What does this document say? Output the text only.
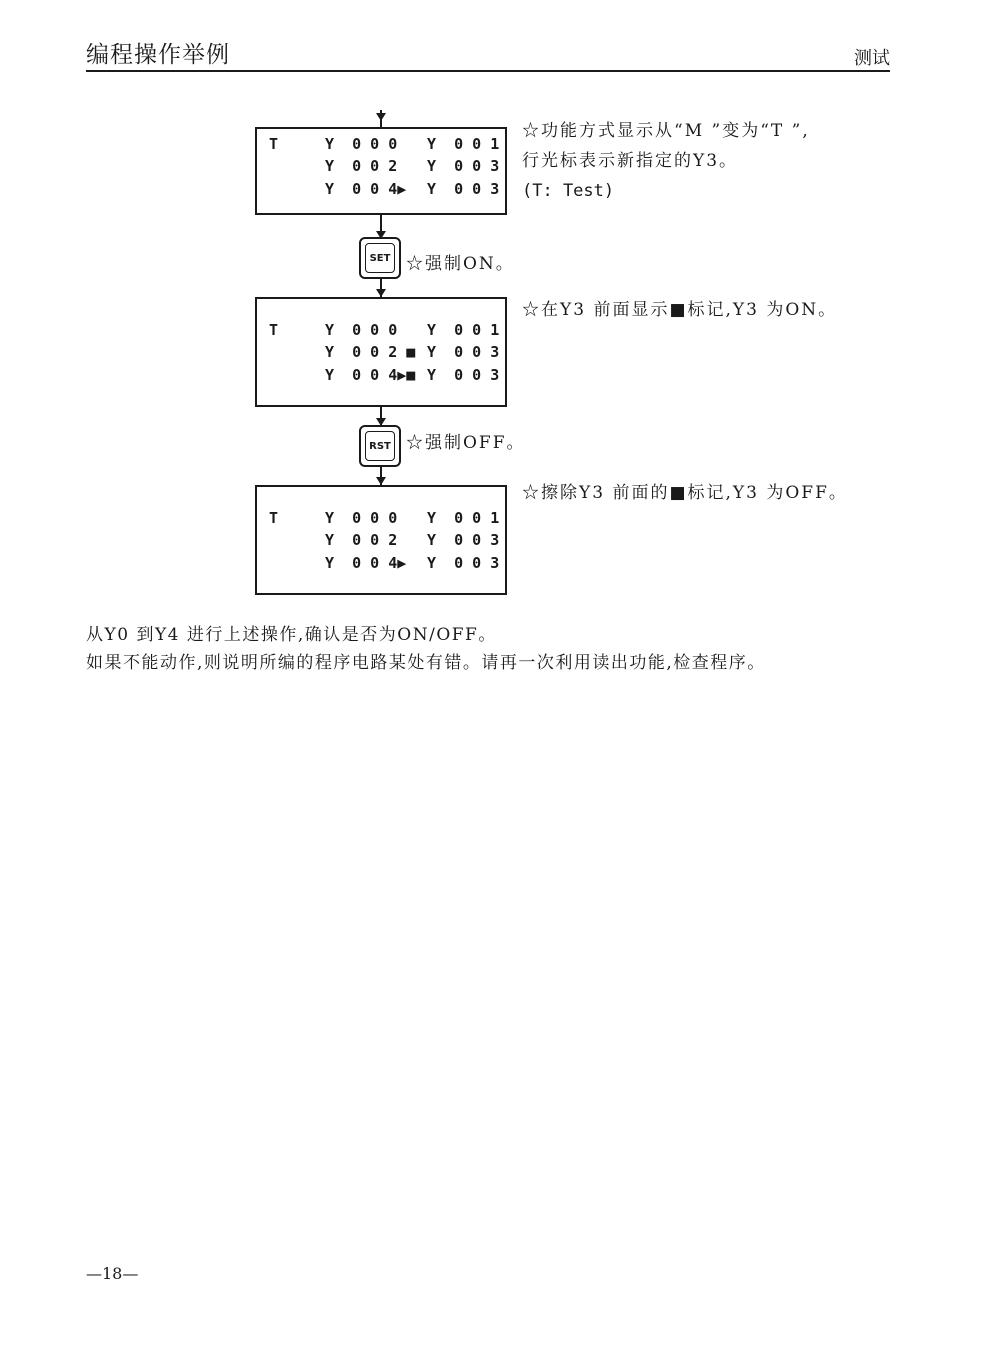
编程操作举例	测试
T	Y  0 0 0 Y  0 0 1
Y  0 0 2 Y  0 0 3
Y  0 0 4▶ Y  0 0 3
☆功能方式显示从“M ”变为“T ”,
行光标表示新指定的Y3。
(T: Test)
SET ☆强制ON。
T	Y  0 0 0 Y  0 0 1
Y  0 0 2 ■ Y  0 0 3
Y  0 0 4▶■ Y  0 0 3
☆在Y3 前面显示■标记,Y3 为ON。
RST ☆强制OFF。
T	Y  0 0 0 Y  0 0 1
Y  0 0 2 Y  0 0 3
Y  0 0 4▶ Y  0 0 3
☆擦除Y3 前面的■标记,Y3 为OFF。
从Y0 到Y4 进行上述操作,确认是否为ON/OFF。
如果不能动作,则说明所编的程序电路某处有错。请再一次利用读出功能,检查程序。
—18—
